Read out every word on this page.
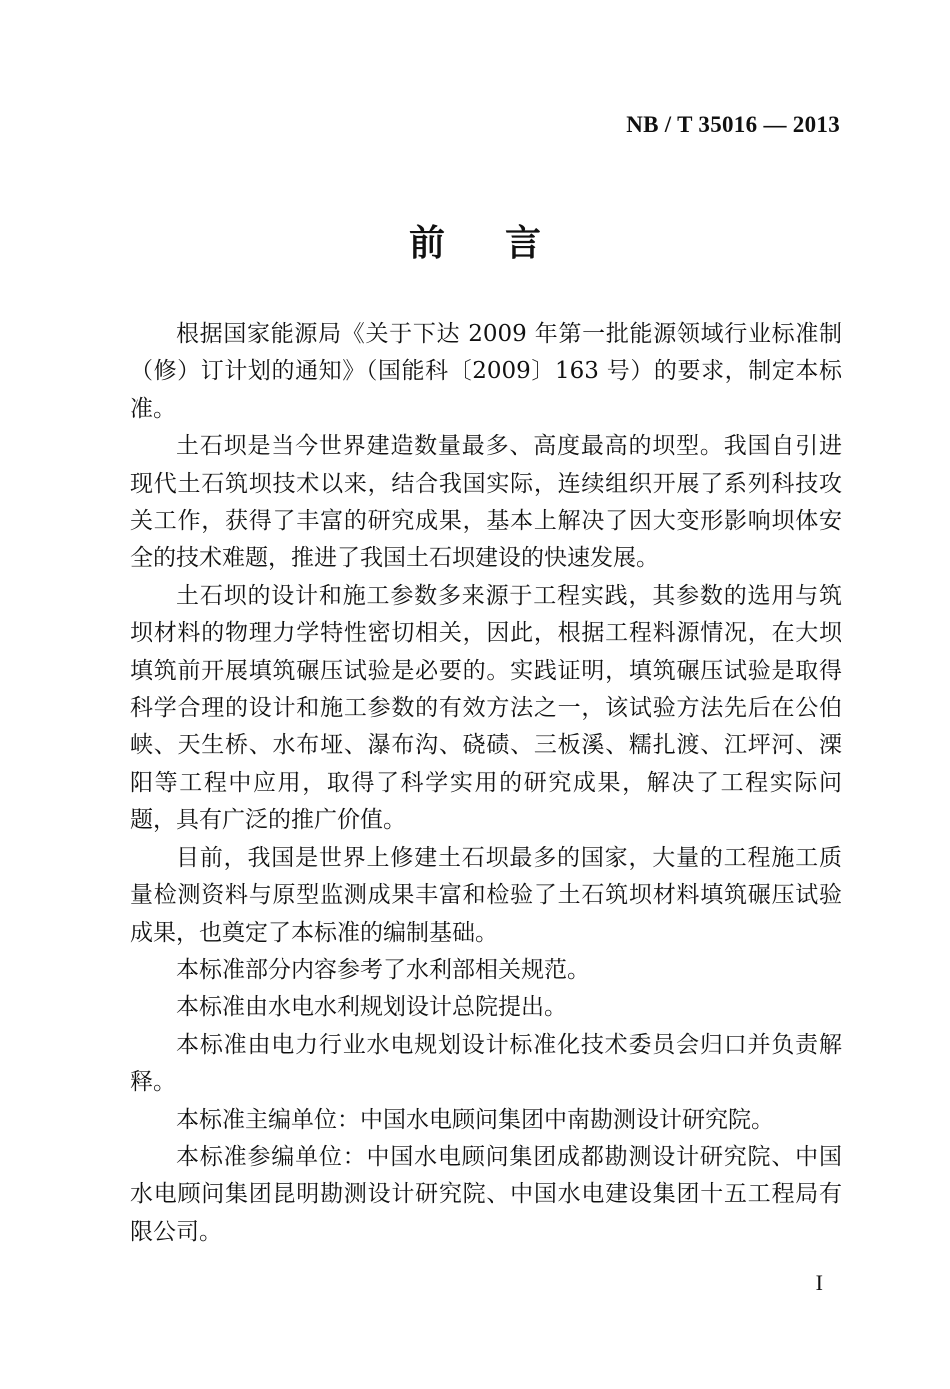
NB / T 35016 — 2013
前言

根据国家能源局《关于下达 2009 年第一批能源领域行业标准制（修）订计划的通知》（国能科〔2009〕163 号）的要求，制定本标准。

土石坝是当今世界建造数量最多、高度最高的坝型。我国自引进现代土石筑坝技术以来，结合我国实际，连续组织开展了系列科技攻关工作，获得了丰富的研究成果，基本上解决了因大变形影响坝体安全的技术难题，推进了我国土石坝建设的快速发展。

土石坝的设计和施工参数多来源于工程实践，其参数的选用与筑坝材料的物理力学特性密切相关，因此，根据工程料源情况，在大坝填筑前开展填筑碾压试验是必要的。实践证明，填筑碾压试验是取得科学合理的设计和施工参数的有效方法之一，该试验方法先后在公伯峡、天生桥、水布垭、瀑布沟、硗碛、三板溪、糯扎渡、江坪河、溧阳等工程中应用，取得了科学实用的研究成果，解决了工程实际问题，具有广泛的推广价值。

目前，我国是世界上修建土石坝最多的国家，大量的工程施工质量检测资料与原型监测成果丰富和检验了土石筑坝材料填筑碾压试验成果，也奠定了本标准的编制基础。

本标准部分内容参考了水利部相关规范。

本标准由水电水利规划设计总院提出。

本标准由电力行业水电规划设计标准化技术委员会归口并负责解释。

本标准主编单位：中国水电顾问集团中南勘测设计研究院。

本标准参编单位：中国水电顾问集团成都勘测设计研究院、中国水电顾问集团昆明勘测设计研究院、中国水电建设集团十五工程局有限公司。

I
